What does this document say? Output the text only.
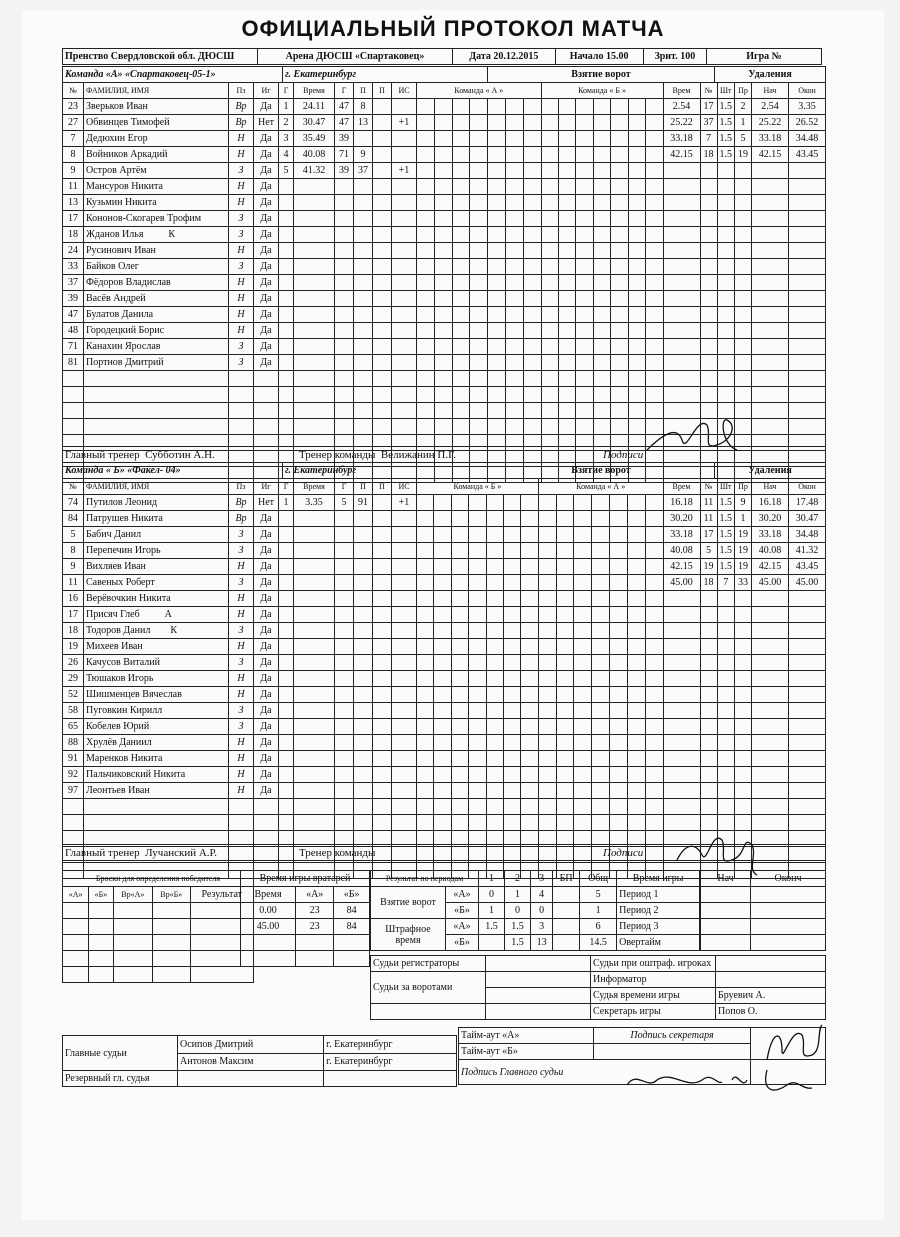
ОФИЦИАЛЬНЫЙ ПРОТОКОЛ МАТЧА
Пренство Свердловской обл. ДЮСШ	Арена ДЮСШ «Спартаковец»	Дата 20.12.2015	Начало 15.00	Зрит. 100	Игра №
Команда «А» «Спартаковец-05-1»	г. Екатеринбург	Взятие ворот	Удаления
№	ФАМИЛИЯ, ИМЯ	Пз	Иг	Г	Время	Г	П	П	ИС	Команда « А »							Команда « Б »							Врем	№	Шт	Пр	Нач	Окон
23	Зверьков Иван	Вр	Да	1	24.11	47	8																	2.54	17	1.5	2	2.54	3.35
27	Обвинцев Тимофей	Вр	Нет	2	30.47	47	13		+1															25.22	37	1.5	1	25.22	26.52
7	Дедюхин Егор	Н	Да	3	35.49	39																		33.18	7	1.5	5	33.18	34.48
8	Войников Аркадий	Н	Да	4	40.08	71	9																	42.15	18	1.5	19	42.15	43.45
9	Остров Артём	З	Да	5	41.32	39	37		+1																				
11	Мансуров Никита	Н	Да																										
13	Кузьмин Никита	Н	Да																										
17	Кононов-Скогарев Трофим	З	Да																										
18	Жданов Илья          К	З	Да																										
24	Русинович Иван	Н	Да																										
33	Байков Олег	З	Да																										
37	Фёдоров Владислав	Н	Да																										
39	Васёв Андрей	Н	Да																										
47	Булатов Данила	Н	Да																										
48	Городецкий Борис	Н	Да																										
71	Канахин Ярослав	З	Да																										
81	Портнов Дмитрий	З	Да																										

Команда « Б» «Факел- 04»	г. Екатеринбург	Взятие ворот	Удаления
№	ФАМИЛИЯ, ИМЯ	Пз	Иг	Г	Время	Г	П	П	ИС	Команда « Б »							Команда « А »							Врем	№	Шт	Пр	Нач	Окон
74	Путилов Леонид	Вр	Нет	1	3.35	5	91		+1															16.18	11	1.5	9	16.18	17.48
84	Патрушев Никита	Вр	Да																					30.20	11	1.5	1	30.20	30.47
5	Бабич Данил	З	Да																					33.18	17	1.5	19	33.18	34.48
8	Перепечин Игорь	З	Да																					40.08	5	1.5	19	40.08	41.32
9	Вихляев Иван	Н	Да																					42.15	19	1.5	19	42.15	43.45
11	Савеных Роберт	З	Да																					45.00	18	7	33	45.00	45.00
16	Верёвочкин Никита	Н	Да																										
17	Присяч Глеб          А	Н	Да																										
18	Тодоров Данил        К	З	Да																										
19	Михеев Иван	Н	Да																										
26	Качусов Виталий	З	Да																										
29	Тюшаков Игорь	Н	Да																										
52	Шишменцев Вячеслав	Н	Да																										
58	Пуговкин Кирилл	З	Да																										
65	Кобелев Юрий	З	Да																										
88	Хрулёв Даниил	Н	Да																										
91	Маренков Никита	Н	Да																										
92	Пальчиковский Никита	Н	Да																										
97	Леонтьев Иван	Н	Да																										

Броски для определения победителя				
«А»	«Б»	Вр«А»	Вр«Б»	Результат

Время игры вратарей		
Время	«А»	«Б»
0.00	23	84
45.00	23	84

Результат по периодам		1	2	3	БП	Общ	Время игры
Взятие ворот	«А»	0	1	4		5	Период 1
	«Б»	1	0	0		1	Период 2
Штрафное время	«А»	1.5	1.5	3		6	Период 3
	«Б»		1.5	13		14.5	Овертайм
Нач	Оконч

Судьи регистраторы		Судьи при оштраф. игроках	
Судьи за воротами		Информатор	
		Судья времени игры	Бруевич А.
		Секретарь игры	Попов О.
Главные судьи	Осипов Дмитрий	г. Екатеринбург
	Антонов Максим	г. Екатеринбург
Резервный гл. судья		
Тайм-аут «А»	Подпись секретаря	
Тайм-аут «Б»		
Подпись Главного судьи		
Главный тренер Субботин А.Н.	Тренер команды Велижанин П.Г.	Подписи
Главный тренер Лучанский А.Р.	Тренер команды	Подписи
